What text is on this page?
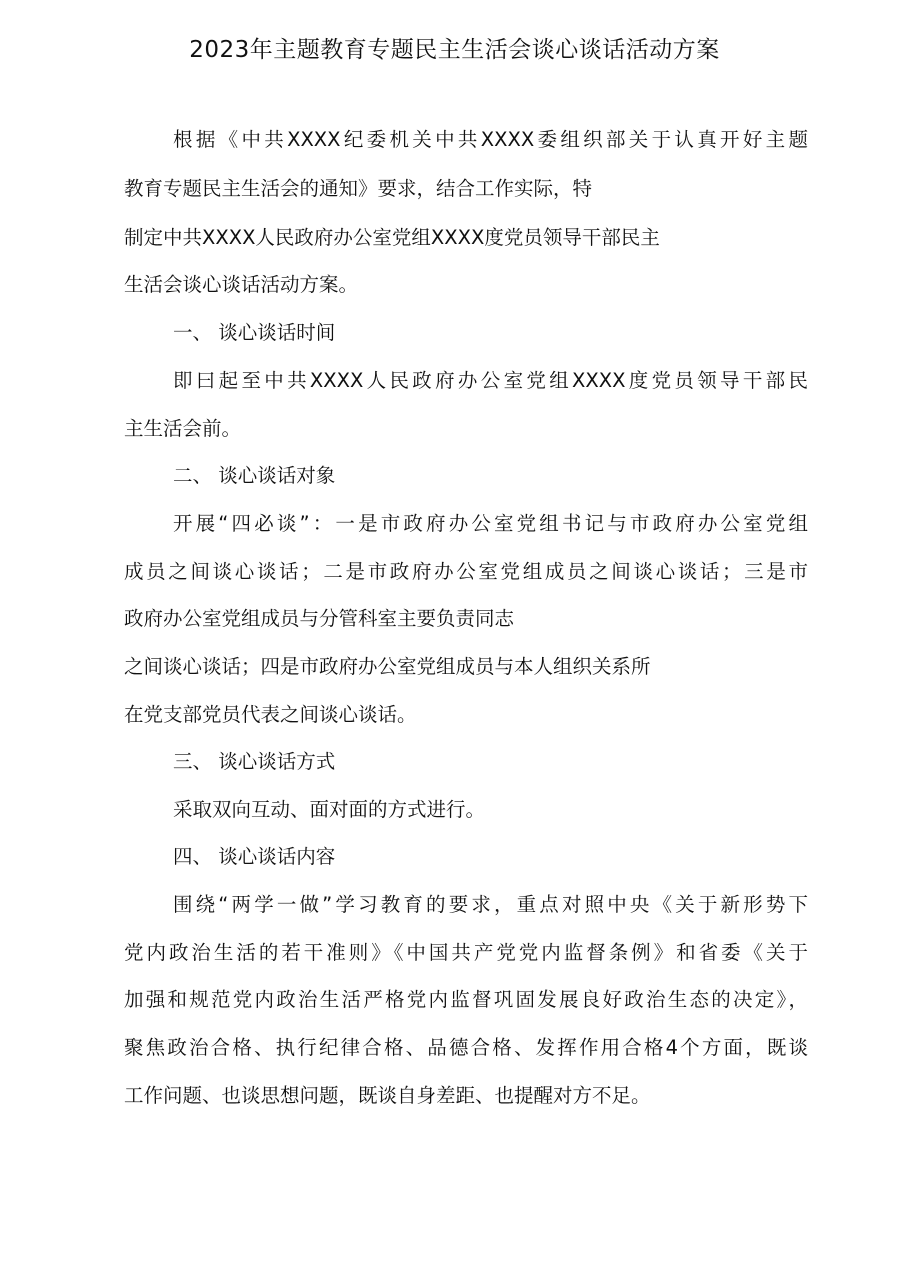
2023年主题教育专题民主生活会谈心谈话活动方案
根据《中共XXXX纪委机关中共XXXX委组织部关于认真开好主题
教育专题民主生活会的通知》要求，结合工作实际，特
制定中共XXXX人民政府办公室党组XXXX度党员领导干部民主
生活会谈心谈话活动方案。
一、 谈心谈话时间
即曰起至中共XXXX人民政府办公室党组XXXX度党员领导干部民
主生活会前。
二、 谈心谈话对象
开展“四必谈”：一是市政府办公室党组书记与市政府办公室党组
成员之间谈心谈话；二是市政府办公室党组成员之间谈心谈话；三是市
政府办公室党组成员与分管科室主要负责同志
之间谈心谈话；四是市政府办公室党组成员与本人组织关系所
在党支部党员代表之间谈心谈话。
三、 谈心谈话方式
采取双向互动、面对面的方式进行。
四、 谈心谈话内容
围绕“两学一做”学习教育的要求，重点对照中央《关于新形势下
党内政治生活的若干准则》《中国共产党党内监督条例》和省委《关于
加强和规范党内政治生活严格党内监督巩固发展良好政治生态的决定》，
聚焦政治合格、执行纪律合格、品德合格、发挥作用合格4个方面，既谈
工作问题、也谈思想问题，既谈自身差距、也提醒对方不足。
